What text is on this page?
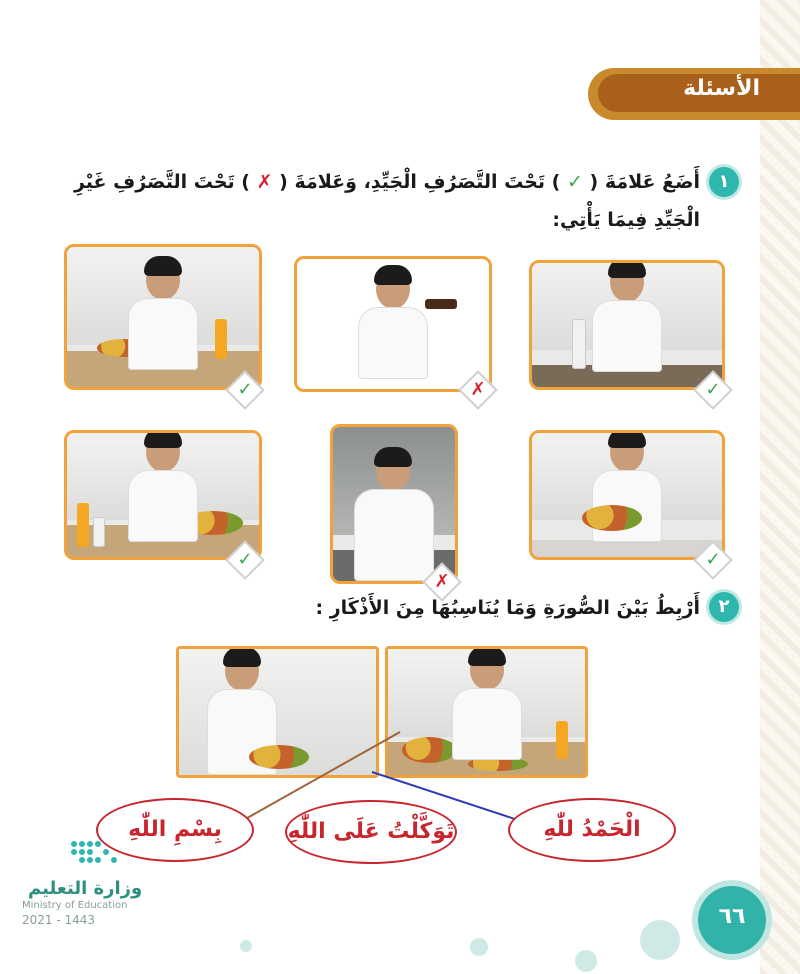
الأسئلة
١
أَضَعُ عَلامَةَ ( ✓ ) تَحْتَ التَّصَرُفِ الْجَيِّدِ، وَعَلامَةَ ( ✗ ) تَحْتَ التَّصَرُفِ غَيْرِ
الْجَيِّدِ فِيمَا يَأْتِي:
✓	✗	✓
✓
✗
✓
٢
أَرْبِطُ بَيْنَ الصُّورَةِ وَمَا يُنَاسِبُهَا مِنَ الأَذْكَارِ :
بِسْمِ اللّٰهِ	تَوَكَّلْتُ عَلَى اللّٰهِ	الْحَمْدُ للّٰهِ
وزارة التعليم
Ministry of Education
2021 - 1443	٦٦
